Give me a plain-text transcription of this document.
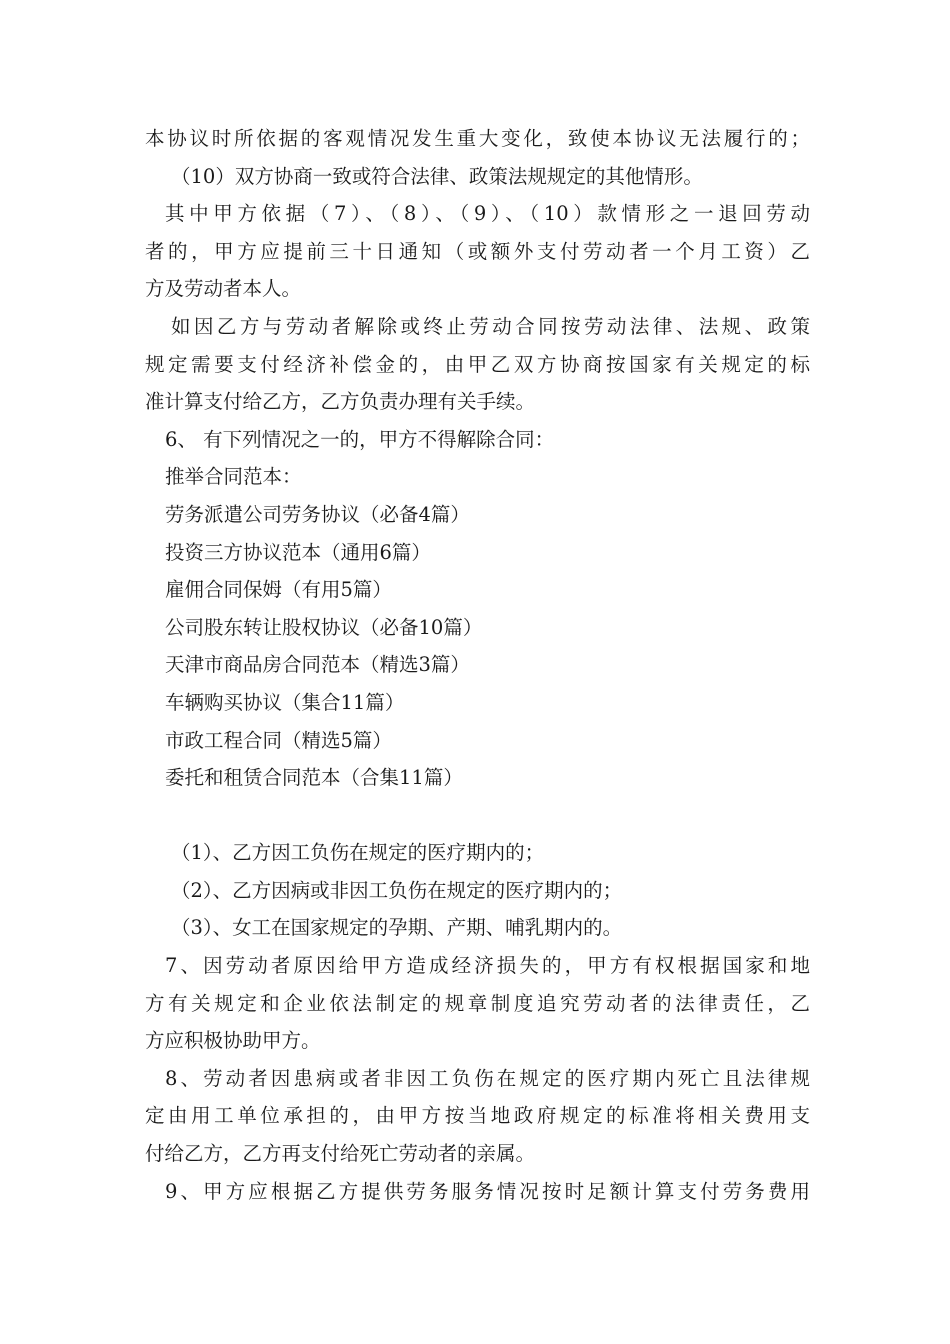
本协议时所依据的客观情况发生重大变化，致使本协议无法履行的；
（10）双方协商一致或符合法律、政策法规规定的其他情形。
其中甲方依据（7）、（8）、（9）、（10）款情形之一退回劳动
者的，甲方应提前三十日通知（或额外支付劳动者一个月工资）乙
方及劳动者本人。
如因乙方与劳动者解除或终止劳动合同按劳动法律、法规、政策
规定需要支付经济补偿金的，由甲乙双方协商按国家有关规定的标
准计算支付给乙方，乙方负责办理有关手续。
6、 有下列情况之一的，甲方不得解除合同：
推举合同范本：
劳务派遣公司劳务协议（必备4篇）
投资三方协议范本（通用6篇）
雇佣合同保姆（有用5篇）
公司股东转让股权协议（必备10篇）
天津市商品房合同范本（精选3篇）
车辆购买协议（集合11篇）
市政工程合同（精选5篇）
委托和租赁合同范本（合集11篇）
（1）、乙方因工负伤在规定的医疗期内的；
（2）、乙方因病或非因工负伤在规定的医疗期内的；
（3）、女工在国家规定的孕期、产期、哺乳期内的。
7、因劳动者原因给甲方造成经济损失的，甲方有权根据国家和地
方有关规定和企业依法制定的规章制度追究劳动者的法律责任，乙
方应积极协助甲方。
8、劳动者因患病或者非因工负伤在规定的医疗期内死亡且法律规
定由用工单位承担的，由甲方按当地政府规定的标准将相关费用支
付给乙方，乙方再支付给死亡劳动者的亲属。
9、甲方应根据乙方提供劳务服务情况按时足额计算支付劳务费用
